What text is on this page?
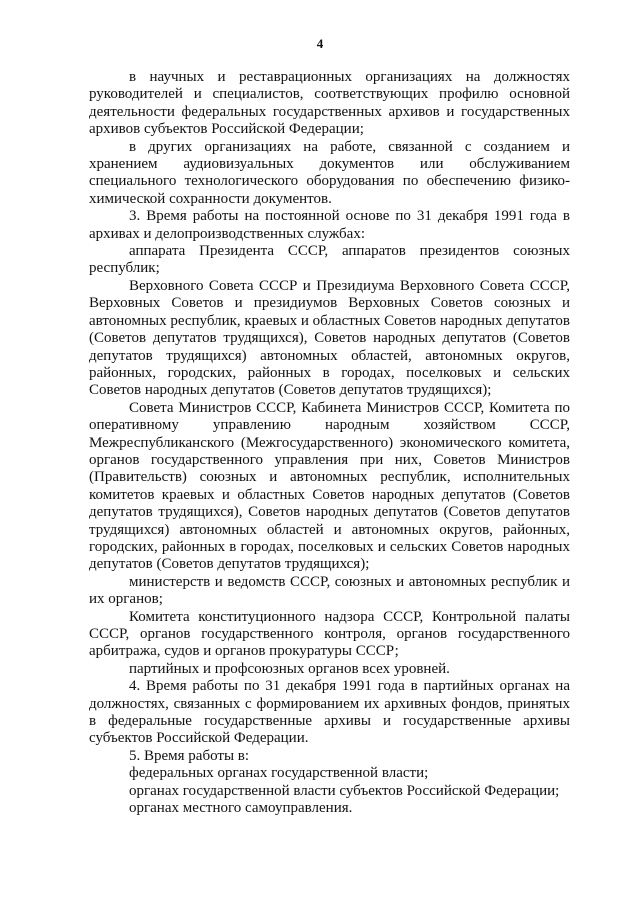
4

в научных и реставрационных организациях на должностях руководителей и специалистов, соответствующих профилю основной деятельности федеральных государственных архивов и государственных архивов субъектов Российской Федерации;

в других организациях на работе, связанной с созданием и хранением аудиовизуальных документов или обслуживанием специального технологического оборудования по обеспечению физико-химической сохранности документов.

3. Время работы на постоянной основе по 31 декабря 1991 года в архивах и делопроизводственных службах:

аппарата Президента СССР, аппаратов президентов союзных республик;

Верховного Совета СССР и Президиума Верховного Совета СССР, Верховных Советов и президиумов Верховных Советов союзных и автономных республик, краевых и областных Советов народных депутатов (Советов депутатов трудящихся), Советов народных депутатов (Советов депутатов трудящихся) автономных областей, автономных округов, районных, городских, районных в городах, поселковых и сельских Советов народных депутатов (Советов депутатов трудящихся);

Совета Министров СССР, Кабинета Министров СССР, Комитета по оперативному управлению народным хозяйством СССР, Межреспубликанского (Межгосударственного) экономического комитета, органов государственного управления при них, Советов Министров (Правительств) союзных и автономных республик, исполнительных комитетов краевых и областных Советов народных депутатов (Советов депутатов трудящихся), Советов народных депутатов (Советов депутатов трудящихся) автономных областей и автономных округов, районных, городских, районных в городах, поселковых и сельских Советов народных депутатов (Советов депутатов трудящихся);

министерств и ведомств СССР, союзных и автономных республик и их органов;

Комитета конституционного надзора СССР, Контрольной палаты СССР, органов государственного контроля, органов государственного арбитража, судов и органов прокуратуры СССР;

партийных и профсоюзных органов всех уровней.

4. Время работы по 31 декабря 1991 года в партийных органах на должностях, связанных с формированием их архивных фондов, принятых в федеральные государственные архивы и государственные архивы субъектов Российской Федерации.

5. Время работы в:

федеральных органах государственной власти;

органах государственной власти субъектов Российской Федерации;

органах местного самоуправления.
